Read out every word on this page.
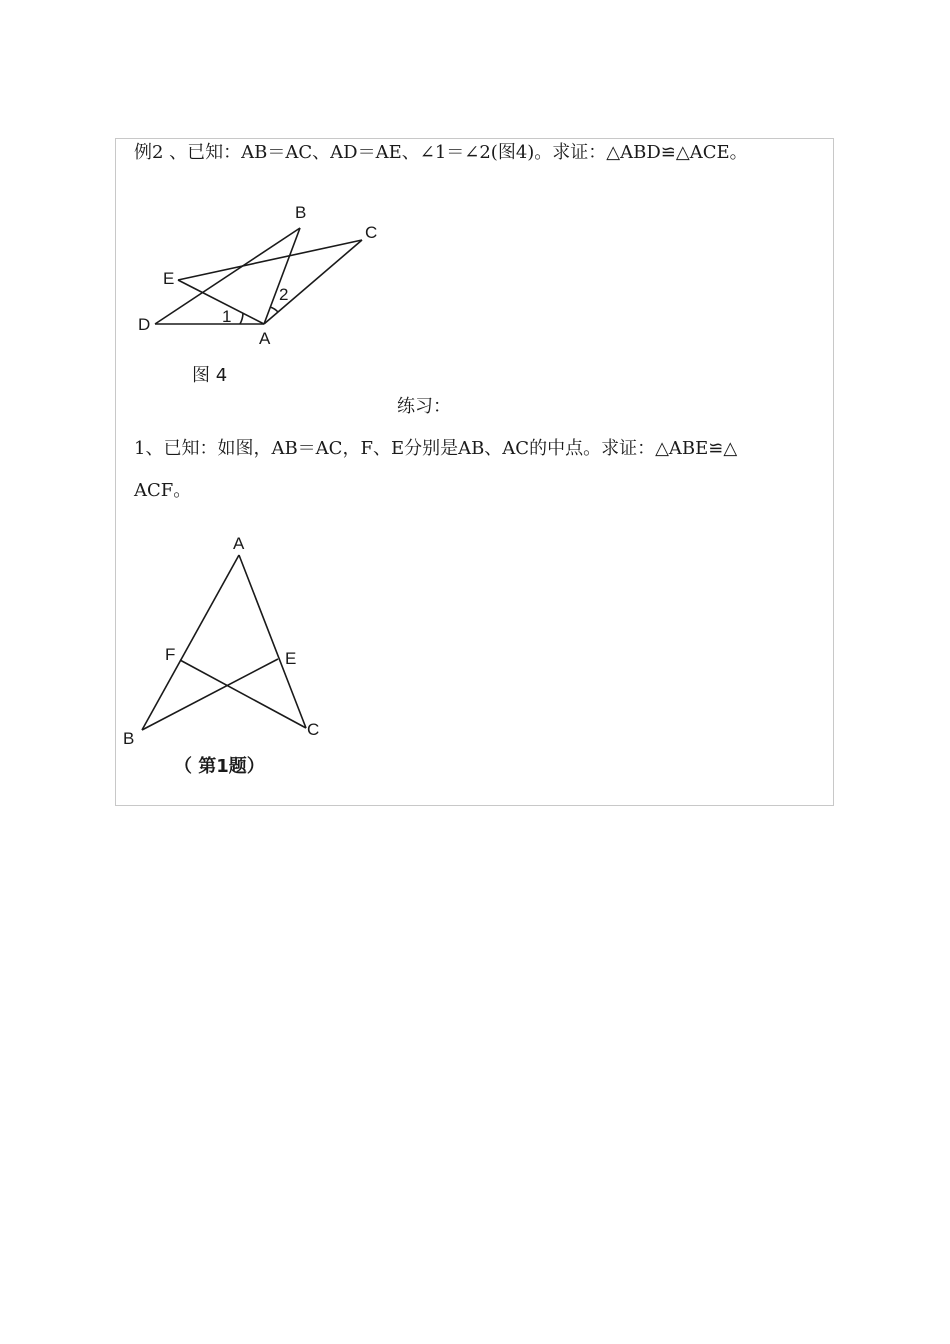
例2 、已知：AB＝AC、AD＝AE、∠1＝∠2(图4)。求证：△ABD≌△ACE。
B
C
E
D
A
1
2
图 4
练习：
1、已知：如图，AB＝AC，F、E分别是AB、AC的中点。求证：△ABE≌△
ACF。
A
F	E
B	C
（ 第1题）
